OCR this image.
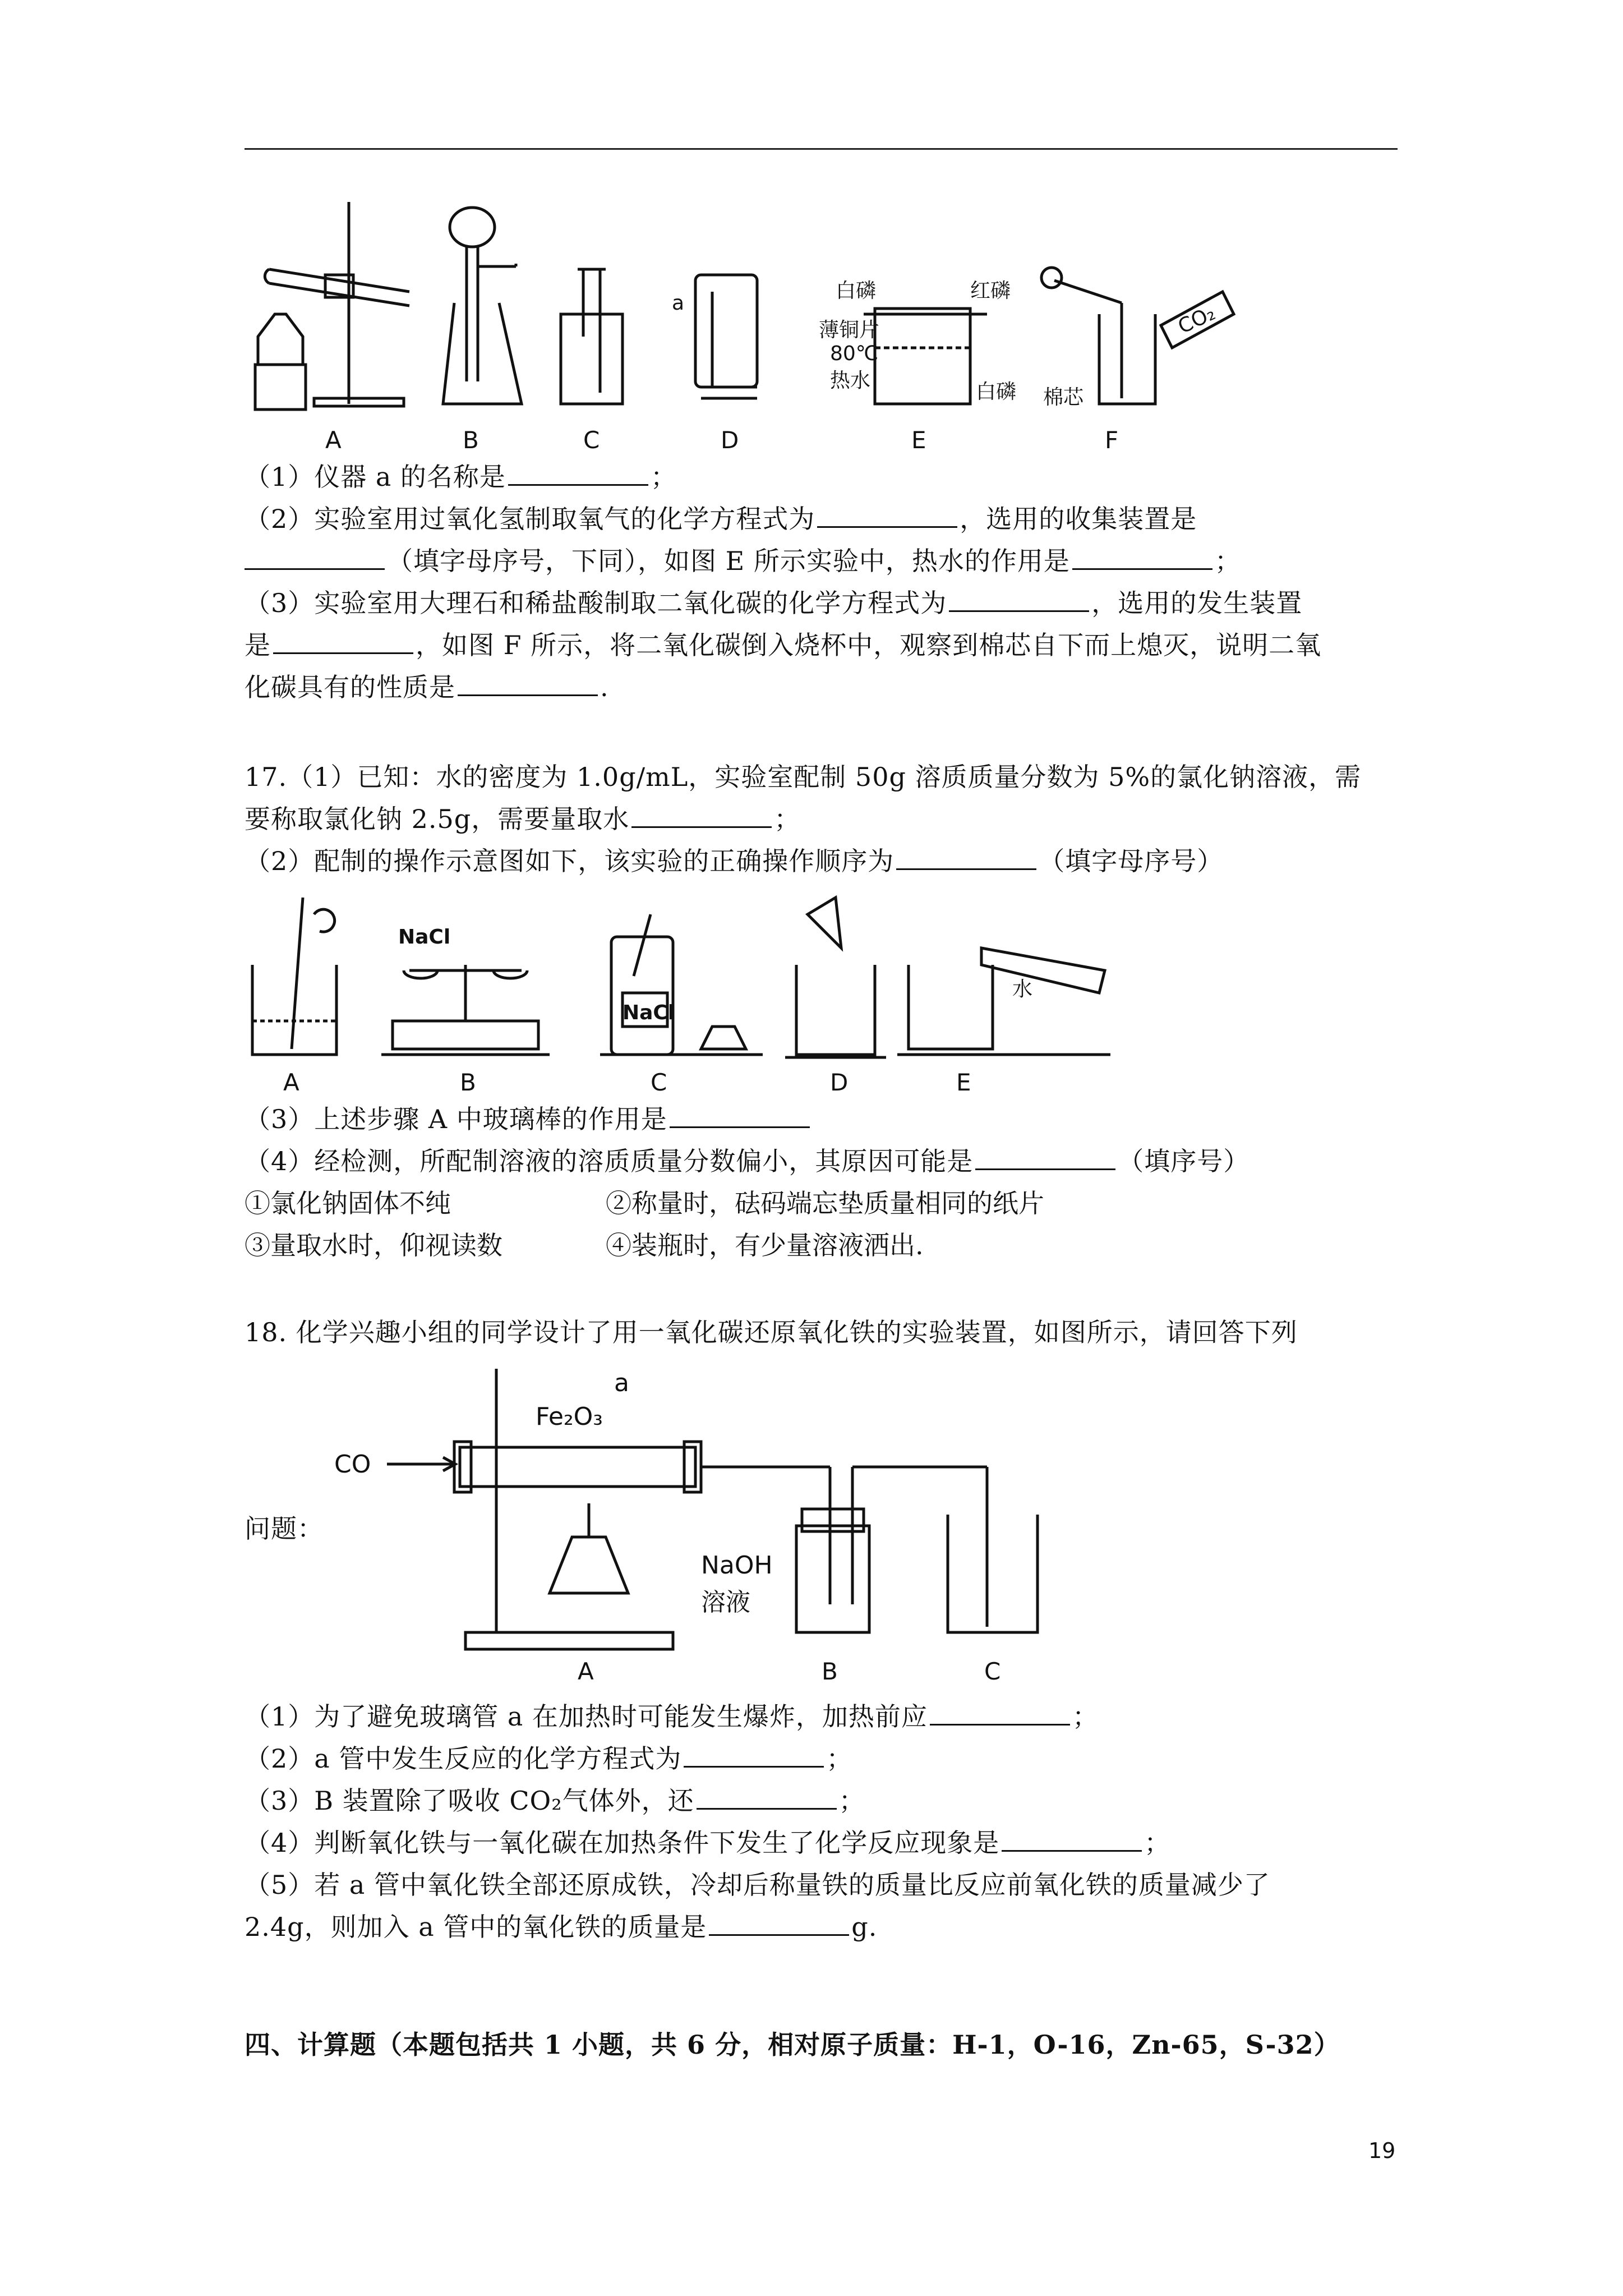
A	B	C	D	E	F
a
白磷	红磷
薄铜片
80℃
热水	白磷
CO₂
棉芯
（1）仪器 a 的名称是	；
（2）实验室用过氧化氢制取氧气的化学方程式为	，选用的收集装置是
（填字母序号，下同），如图 E 所示实验中，热水的作用是	；
（3）实验室用大理石和稀盐酸制取二氧化碳的化学方程式为	，选用的发生装置
是	，如图 F 所示，将二氧化碳倒入烧杯中，观察到棉芯自下而上熄灭，说明二氧
化碳具有的性质是	.
17.（1）已知：水的密度为 1.0g/mL，实验室配制 50g 溶质质量分数为 5%的氯化钠溶液，需
要称取氯化钠 2.5g，需要量取水	；
（2）配制的操作示意图如下，该实验的正确操作顺序为	（填字母序号）
A	B	C	D	E
NaCl
NaCl
水
（3）上述步骤 A 中玻璃棒的作用是
（4）经检测，所配制溶液的溶质质量分数偏小，其原因可能是	（填序号）
①氯化钠固体不纯	②称量时，砝码端忘垫质量相同的纸片
③量取水时，仰视读数	④装瓶时，有少量溶液洒出.
18. 化学兴趣小组的同学设计了用一氧化碳还原氧化铁的实验装置，如图所示，请回答下列
CO
Fe₂O₃
a
NaOH
溶液
A	B	C
问题：
（1）为了避免玻璃管 a 在加热时可能发生爆炸，加热前应	；
（2）a 管中发生反应的化学方程式为	；
（3）B 装置除了吸收 CO₂气体外，还	；
（4）判断氧化铁与一氧化碳在加热条件下发生了化学反应现象是	；
（5）若 a 管中氧化铁全部还原成铁，冷却后称量铁的质量比反应前氧化铁的质量减少了
2.4g，则加入 a 管中的氧化铁的质量是	g.
四、计算题（本题包括共 1 小题，共 6 分，相对原子质量：H-1，O-16，Zn-65，S-32）
19
